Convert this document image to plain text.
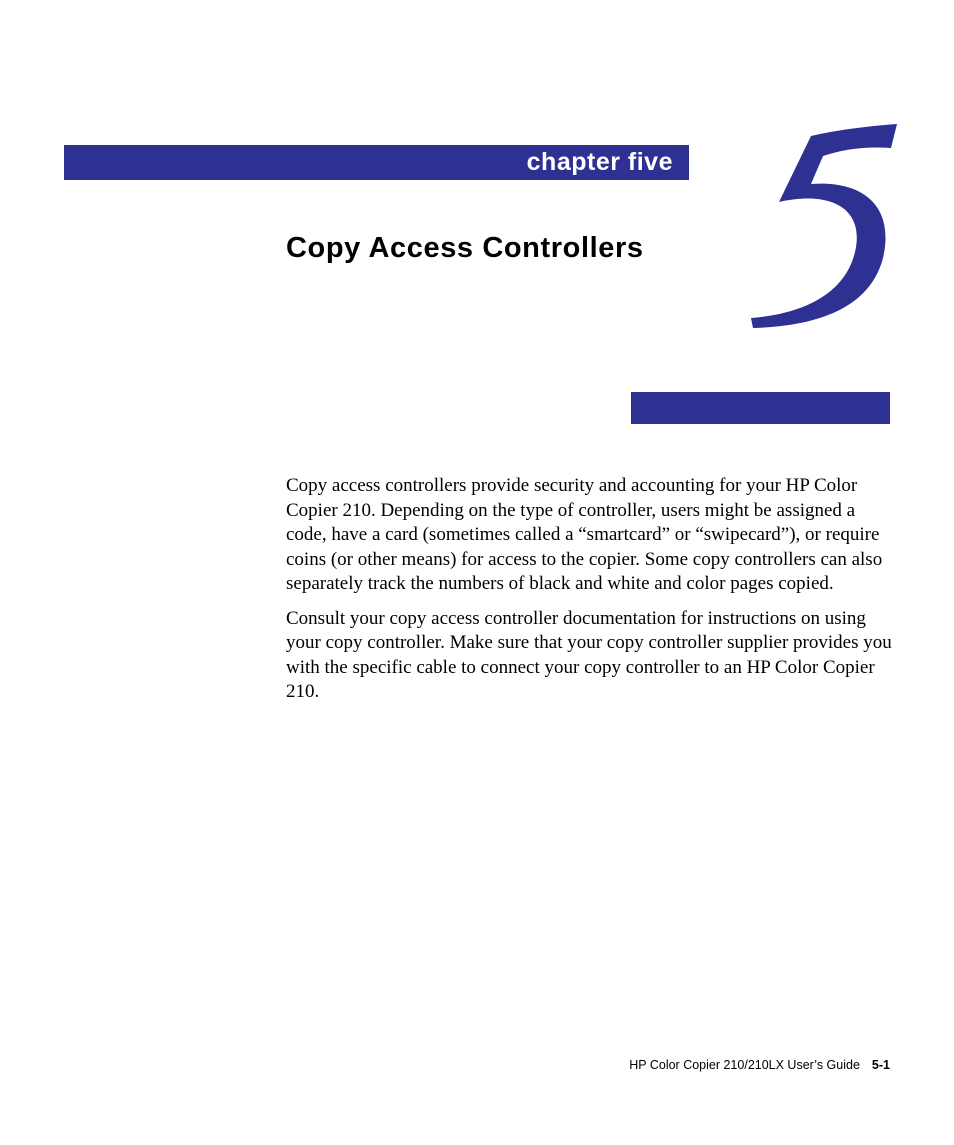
chapter five
Copy Access Controllers

Copy access controllers provide security and accounting for your HP Color Copier 210. Depending on the type of controller, users might be assigned a code, have a card (sometimes called a “smartcard” or “swipecard”), or require coins (or other means) for access to the copier. Some copy controllers can also separately track the numbers of black and white and color pages copied.

Consult your copy access controller documentation for instructions on using your copy controller. Make sure that your copy controller supplier provides you with the specific cable to connect your copy controller to an HP Color Copier 210.

HP Color Copier 210/210LX User’s Guide 5-1
